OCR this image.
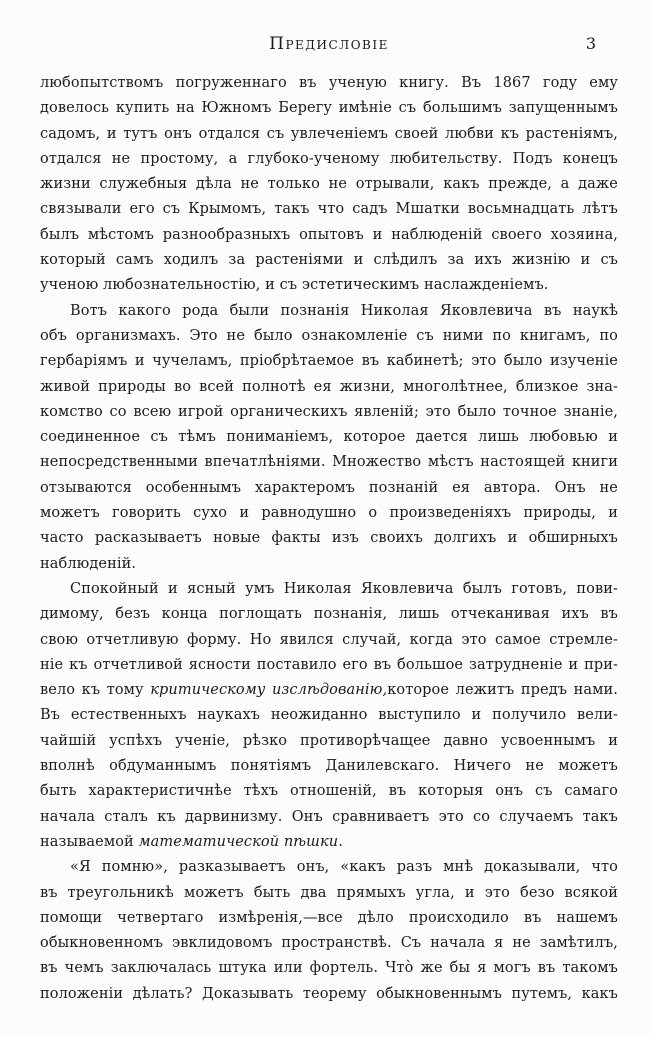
Предисловіе	3
любопытствомъ погруженнаго въ ученую книгу. Въ 1867 году ему
довелось купить на Южномъ Берегу имѣніе съ большимъ запущеннымъ
садомъ, и тутъ онъ отдался съ увлеченіемъ своей любви къ растеніямъ,
отдался не простому, а глубоко-ученому любительству. Подъ конецъ
жизни служебныя дѣла не только не отрывали, какъ прежде, а даже
связывали его съ Крымомъ, такъ что садъ Мшатки восьмнадцать лѣтъ
былъ мѣстомъ разнообразныхъ опытовъ и наблюденій своего хозяина,
который самъ ходилъ за растеніями и слѣдилъ за ихъ жизнію и съ
ученою любознательностію, и съ эстетическимъ наслажденіемъ.
Вотъ какого рода были познанія Николая Яковлевича въ наукѣ
объ организмахъ. Это не было ознакомленіе съ ними по книгамъ, по
гербаріямъ и чучеламъ, пріобрѣтаемое въ кабинетѣ; это было изученіе
живой природы во всей полнотѣ ея жизни, многолѣтнее, близкое зна-
комство со всею игрой органическихъ явленій; это было точное знаніе,
соединенное съ тѣмъ пониманіемъ, которое дается лишь любовью и
непосредственными впечатлѣніями. Множество мѣстъ настоящей книги
отзываются особеннымъ характеромъ познаній ея автора. Онъ не
можетъ говорить сухо и равнодушно о произведеніяхъ природы, и
часто расказываетъ новые факты изъ своихъ долгихъ и обширныхъ
наблюденій.
Спокойный и ясный умъ Николая Яковлевича былъ готовъ, пови-
димому, безъ конца поглощать познанія, лишь отчеканивая ихъ въ
свою отчетливую форму. Но явился случай, когда это самое стремле-
ніе къ отчетливой ясности поставило его въ большое затрудненіе и при-
вело къ тому критическому изслѣдованію,которое лежитъ предъ нами.
Въ естественныхъ наукахъ неожиданно выступило и получило вели-
чайшій успѣхъ ученіе, рѣзко противорѣчащее давно усвоеннымъ и
вполнѣ обдуманнымъ понятіямъ Данилевскаго. Ничего не можетъ
быть характеристичнѣе тѣхъ отношеній, въ которыя онъ съ самаго
начала сталъ къ дарвинизму. Онъ сравниваетъ это со случаемъ такъ
называемой математической пѣшки.
«Я помню», разказываетъ онъ, «какъ разъ мнѣ доказывали, что
въ треугольникѣ можетъ быть два прямыхъ угла, и это безо всякой
помощи четвертаго измѣренія,—все дѣло происходило въ нашемъ
обыкновенномъ эвклидовомъ пространствѣ. Съ начала я не замѣтилъ,
въ чемъ заключалась штука или фортель. Чтò же бы я могъ въ такомъ
положеніи дѣлать? Доказывать теорему обыкновеннымъ путемъ, какъ
